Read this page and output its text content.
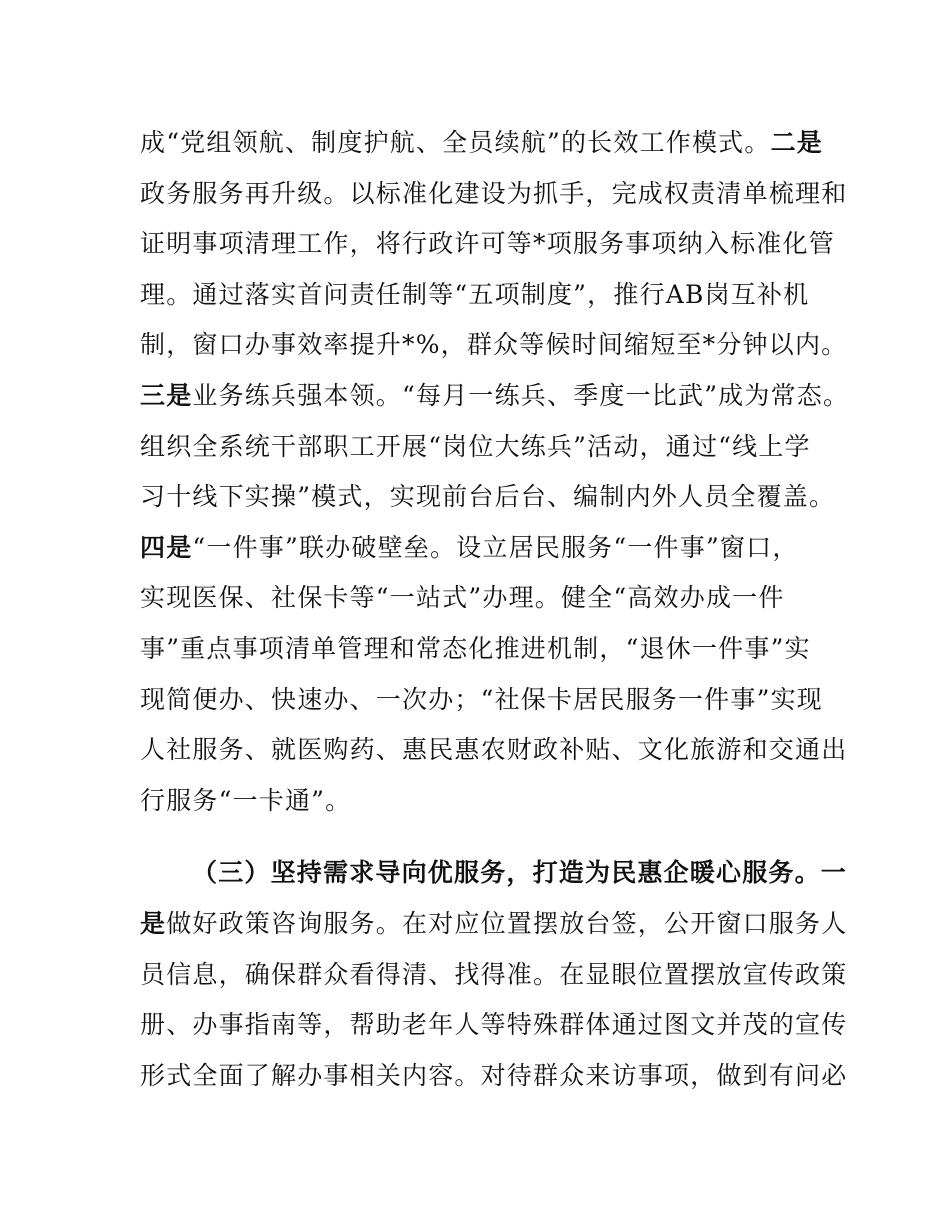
成“党组领航、制度护航、全员续航”的长效工作模式。二是
政务服务再升级。以标准化建设为抓手，完成权责清单梳理和
证明事项清理工作，将行政许可等*项服务事项纳入标准化管
理。通过落实首问责任制等“五项制度”，推行AB岗互补机
制，窗口办事效率提升*%，群众等候时间缩短至*分钟以内。
三是业务练兵强本领。“每月一练兵、季度一比武”成为常态。
组织全系统干部职工开展“岗位大练兵”活动，通过“线上学
习十线下实操”模式，实现前台后台、编制内外人员全覆盖。
四是“一件事”联办破壁垒。设立居民服务“一件事”窗口，
实现医保、社保卡等“一站式”办理。健全“高效办成一件
事”重点事项清单管理和常态化推进机制，“退休一件事”实
现简便办、快速办、一次办；“社保卡居民服务一件事”实现
人社服务、就医购药、惠民惠农财政补贴、文化旅游和交通出
行服务“一卡通”。
（三）坚持需求导向优服务，打造为民惠企暖心服务。一
是做好政策咨询服务。在对应位置摆放台签，公开窗口服务人
员信息，确保群众看得清、找得准。在显眼位置摆放宣传政策
册、办事指南等，帮助老年人等特殊群体通过图文并茂的宣传
形式全面了解办事相关内容。对待群众来访事项，做到有问必
